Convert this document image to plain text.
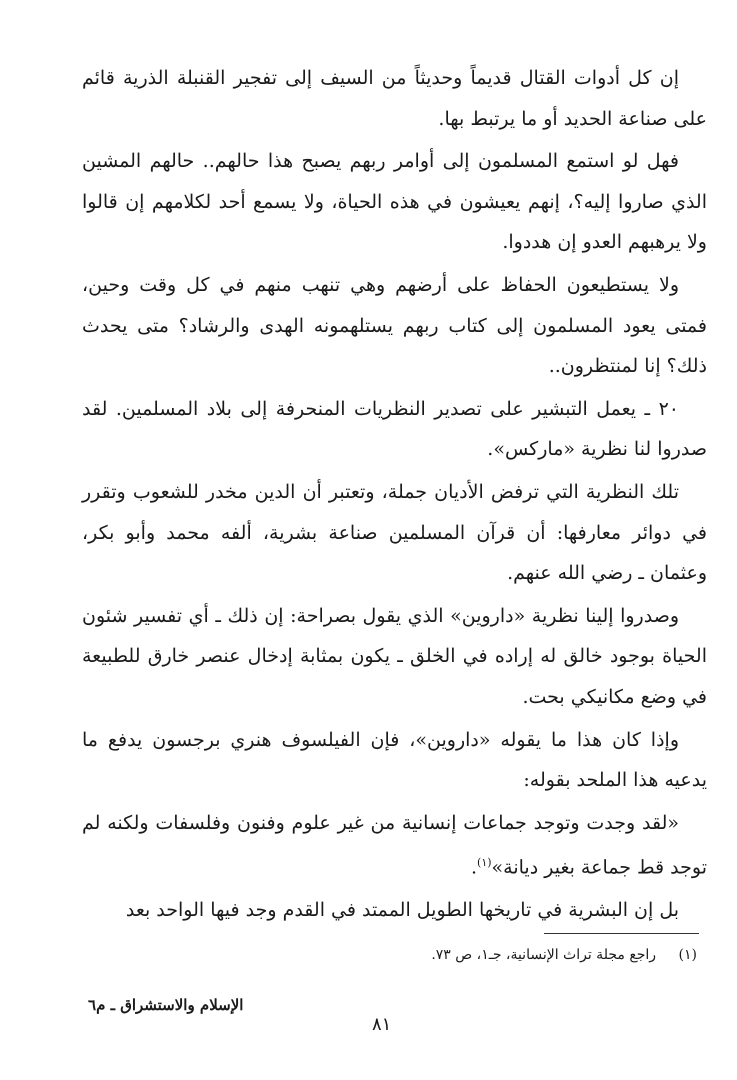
إن كل أدوات القتال قديماً وحديثاً من السيف إلى تفجير القنبلة الذرية قائم على صناعة الحديد أو ما يرتبط بها.

فهل لو استمع المسلمون إلى أوامر ربهم يصبح هذا حالهم.. حالهم المشين الذي صاروا إليه؟، إنهم يعيشون في هذه الحياة، ولا يسمع أحد لكلامهم إن قالوا ولا يرهبهم العدو إن هددوا.

ولا يستطيعون الحفاظ على أرضهم وهي تنهب منهم في كل وقت وحين، فمتى يعود المسلمون إلى كتاب ربهم يستلهمونه الهدى والرشاد؟ متى يحدث ذلك؟ إنا لمنتظرون..

٢٠ ـ يعمل التبشير على تصدير النظريات المنحرفة إلى بلاد المسلمين. لقد صدروا لنا نظرية «ماركس».

تلك النظرية التي ترفض الأديان جملة، وتعتبر أن الدين مخدر للشعوب وتقرر في دوائر معارفها: أن قرآن المسلمين صناعة بشرية، ألفه محمد وأبو بكر، وعثمان ـ رضي الله عنهم.

وصدروا إلينا نظرية «داروين» الذي يقول بصراحة: إن ذلك ـ أي تفسير شئون الحياة بوجود خالق له إراده في الخلق ـ يكون بمثابة إدخال عنصر خارق للطبيعة في وضع مكانيكي بحت.

وإذا كان هذا ما يقوله «داروين»، فإن الفيلسوف هنري برجسون يدفع ما يدعيه هذا الملحد بقوله:

«لقد وجدت وتوجد جماعات إنسانية من غير علوم وفنون وفلسفات ولكنه لم توجد قط جماعة بغير ديانة»$^{(١)}$.

بل إن البشرية في تاريخها الطويل الممتد في القدم وجد فيها الواحد بعد

(١) راجع مجلة تراث الإنسانية، جـ١، ص ٧٣.
الإسلام والاستشراق ـ م٦
٨١
